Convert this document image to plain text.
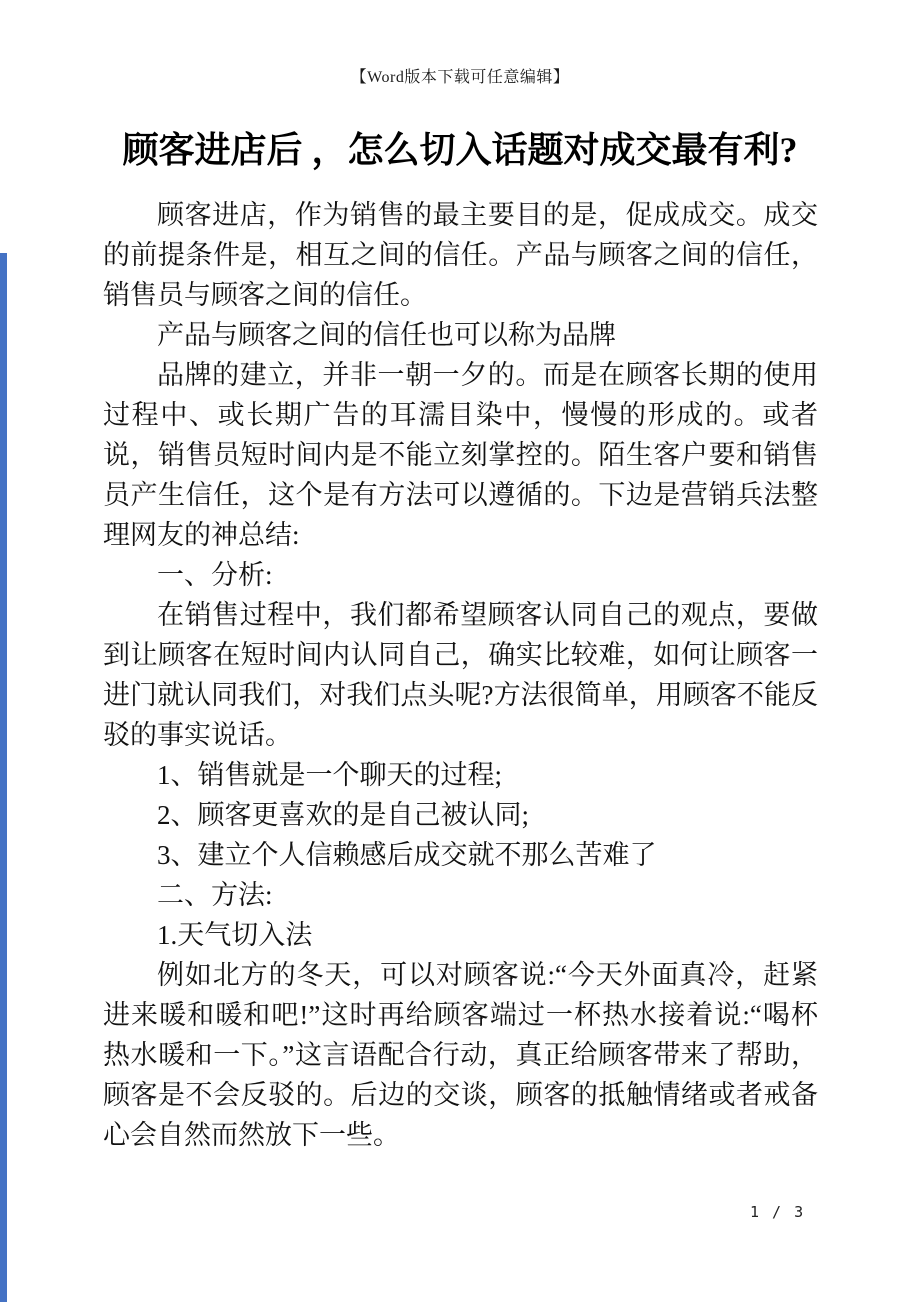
【Word版本下载可任意编辑】
顾客进店后 ，怎么切入话题对成交最有利?

顾客进店，作为销售的最主要目的是，促成成交。成交的前提条件是，相互之间的信任。产品与顾客之间的信任，销售员与顾客之间的信任。

产品与顾客之间的信任也可以称为品牌

品牌的建立，并非一朝一夕的。而是在顾客长期的使用过程中、或长期广告的耳濡目染中，慢慢的形成的。或者说，销售员短时间内是不能立刻掌控的。陌生客户要和销售员产生信任，这个是有方法可以遵循的。下边是营销兵法整理网友的神总结:

一、分析:

在销售过程中，我们都希望顾客认同自己的观点，要做到让顾客在短时间内认同自己，确实比较难，如何让顾客一进门就认同我们，对我们点头呢?方法很简单，用顾客不能反驳的事实说话。

1、销售就是一个聊天的过程;

2、顾客更喜欢的是自己被认同;

3、建立个人信赖感后成交就不那么苦难了

二、方法:

1.天气切入法

例如北方的冬天，可以对顾客说:“今天外面真冷，赶紧进来暖和暖和吧!”这时再给顾客端过一杯热水接着说:“喝杯热水暖和一下。”这言语配合行动，真正给顾客带来了帮助，顾客是不会反驳的。后边的交谈，顾客的抵触情绪或者戒备心会自然而然放下一些。

1 / 3
